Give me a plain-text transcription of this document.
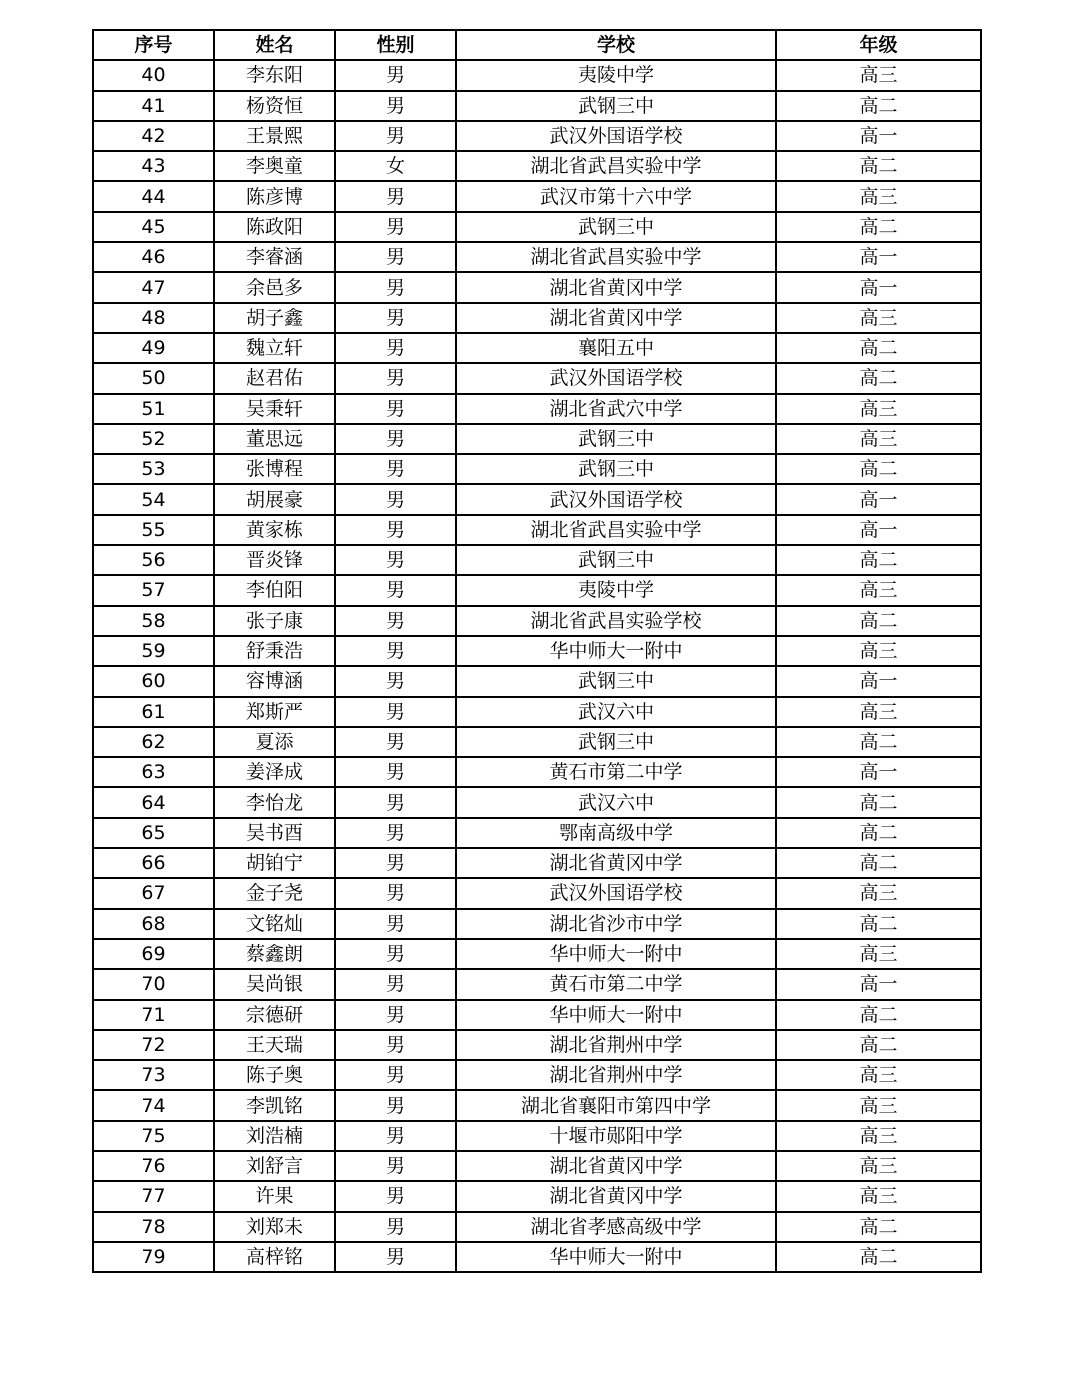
序号	姓名	性别	学校	年级
40	李东阳	男	夷陵中学	高三
41	杨资恒	男	武钢三中	高二
42	王景熙	男	武汉外国语学校	高一
43	李奥童	女	湖北省武昌实验中学	高二
44	陈彦博	男	武汉市第十六中学	高三
45	陈政阳	男	武钢三中	高二
46	李睿涵	男	湖北省武昌实验中学	高一
47	余邑多	男	湖北省黄冈中学	高一
48	胡子鑫	男	湖北省黄冈中学	高三
49	魏立轩	男	襄阳五中	高二
50	赵君佑	男	武汉外国语学校	高二
51	吴秉轩	男	湖北省武穴中学	高三
52	董思远	男	武钢三中	高三
53	张博程	男	武钢三中	高二
54	胡展豪	男	武汉外国语学校	高一
55	黄家栋	男	湖北省武昌实验中学	高一
56	晋炎锋	男	武钢三中	高二
57	李伯阳	男	夷陵中学	高三
58	张子康	男	湖北省武昌实验学校	高二
59	舒秉浩	男	华中师大一附中	高三
60	容博涵	男	武钢三中	高一
61	郑斯严	男	武汉六中	高三
62	夏添	男	武钢三中	高二
63	姜泽成	男	黄石市第二中学	高一
64	李怡龙	男	武汉六中	高二
65	吴书酉	男	鄂南高级中学	高二
66	胡铂宁	男	湖北省黄冈中学	高二
67	金子尧	男	武汉外国语学校	高三
68	文铭灿	男	湖北省沙市中学	高二
69	蔡鑫朗	男	华中师大一附中	高三
70	吴尚银	男	黄石市第二中学	高一
71	宗德研	男	华中师大一附中	高二
72	王天瑞	男	湖北省荆州中学	高二
73	陈子奥	男	湖北省荆州中学	高三
74	李凯铭	男	湖北省襄阳市第四中学	高三
75	刘浩楠	男	十堰市郧阳中学	高三
76	刘舒言	男	湖北省黄冈中学	高三
77	许果	男	湖北省黄冈中学	高三
78	刘郑未	男	湖北省孝感高级中学	高二
79	高梓铭	男	华中师大一附中	高二
